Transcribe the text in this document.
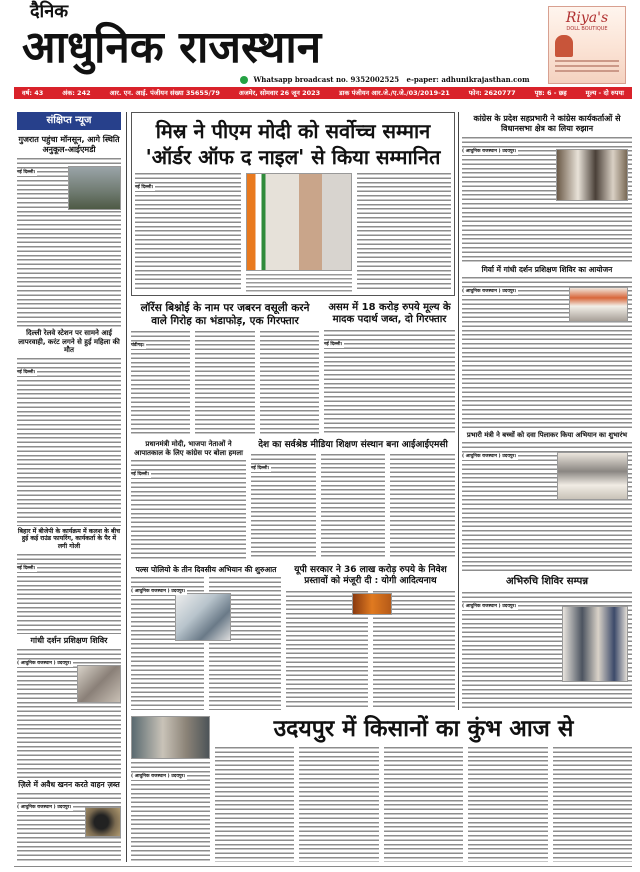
दैनिक
आधुनिक राजस्थान
Whatsapp broadcast no. 9352002525 e-paper: adhunikrajasthan.com
Riya's
DOLL BOUTIQUE
वर्ष: 43	अंक: 242	आर. एन. आई. पंजीयन संख्या 35655/79	अजमेर, सोमवार 26 जून 2023	डाक पंजीयन आर.जे./ए.जे./03/2019-21	फोन: 2620777	पृष्ठ: 6 - छह	मूल्य - दो रुपया
संक्षिप्त न्यूज
गुजरात पहुंचा मॉनसून, आगे स्थिति अनुकूल-आईएमडी
नई दिल्ली।
दिल्ली रेलवे स्टेशन पर सामने आई लापरवाही, करंट लगने से हुई महिला की मौत
नई दिल्ली।
बिहार में बीजेपी के कार्यक्रम में कलश के बीच हुई कई राउंड फायरिंग, कार्यकर्ता के पैर में लगी गोली
नई दिल्ली।
गांधी दर्शन प्रशिक्षण शिविर
( आधुनिक राजस्थान ) उदयपुर।
ज़िले में अवैध खनन करते वाहन ज़ब्त
( आधुनिक राजस्थान ) उदयपुर।
मिस्र ने पीएम मोदी को सर्वोच्च सम्मान 'ऑर्डर ऑफ द नाइल' से किया सम्मानित
नई दिल्ली।
लॉरेंस बिश्नोई के नाम पर जबरन वसूली करने वाले गिरोह का भंडाफोड़, एक गिरफ्तार
चंडीगढ़।
असम में 18 करोड़ रुपये मूल्य के मादक पदार्थ जब्त, दो गिरफ्तार
नई दिल्ली।
प्रधानमंत्री मोदी, भाजपा नेताओं ने आपातकाल के लिए कांग्रेस पर बोला हमला
नई दिल्ली।
देश का सर्वश्रेष्ठ मीडिया शिक्षण संस्थान बना आईआईएमसी
नई दिल्ली।
पल्स पोलियो के तीन दिवसीय अभियान की शुरुआत
( आधुनिक राजस्थान ) उदयपुर।
यूपी सरकार ने 36 लाख करोड़ रुपये के निवेश प्रस्तावों को मंजूरी दी : योगी आदित्यनाथ
( आधुनिक राजस्थान ) उदयपुर।
उदयपुर में किसानों का कुंभ आज से
कांग्रेस के प्रदेश सहप्रभारी ने कांग्रेस कार्यकर्ताओं से विधानसभा क्षेत्र का लिया रुझान
( आधुनिक राजस्थान ) उदयपुर।
गिर्वा में गांधी दर्शन प्रशिक्षण शिविर का आयोजन
( आधुनिक राजस्थान ) उदयपुर।
प्रभारी मंत्री ने बच्चों को दवा पिलाकर किया अभियान का शुभारंभ
( आधुनिक राजस्थान ) उदयपुर।
अभिरुचि शिविर सम्पन्न
( आधुनिक राजस्थान ) उदयपुर।
